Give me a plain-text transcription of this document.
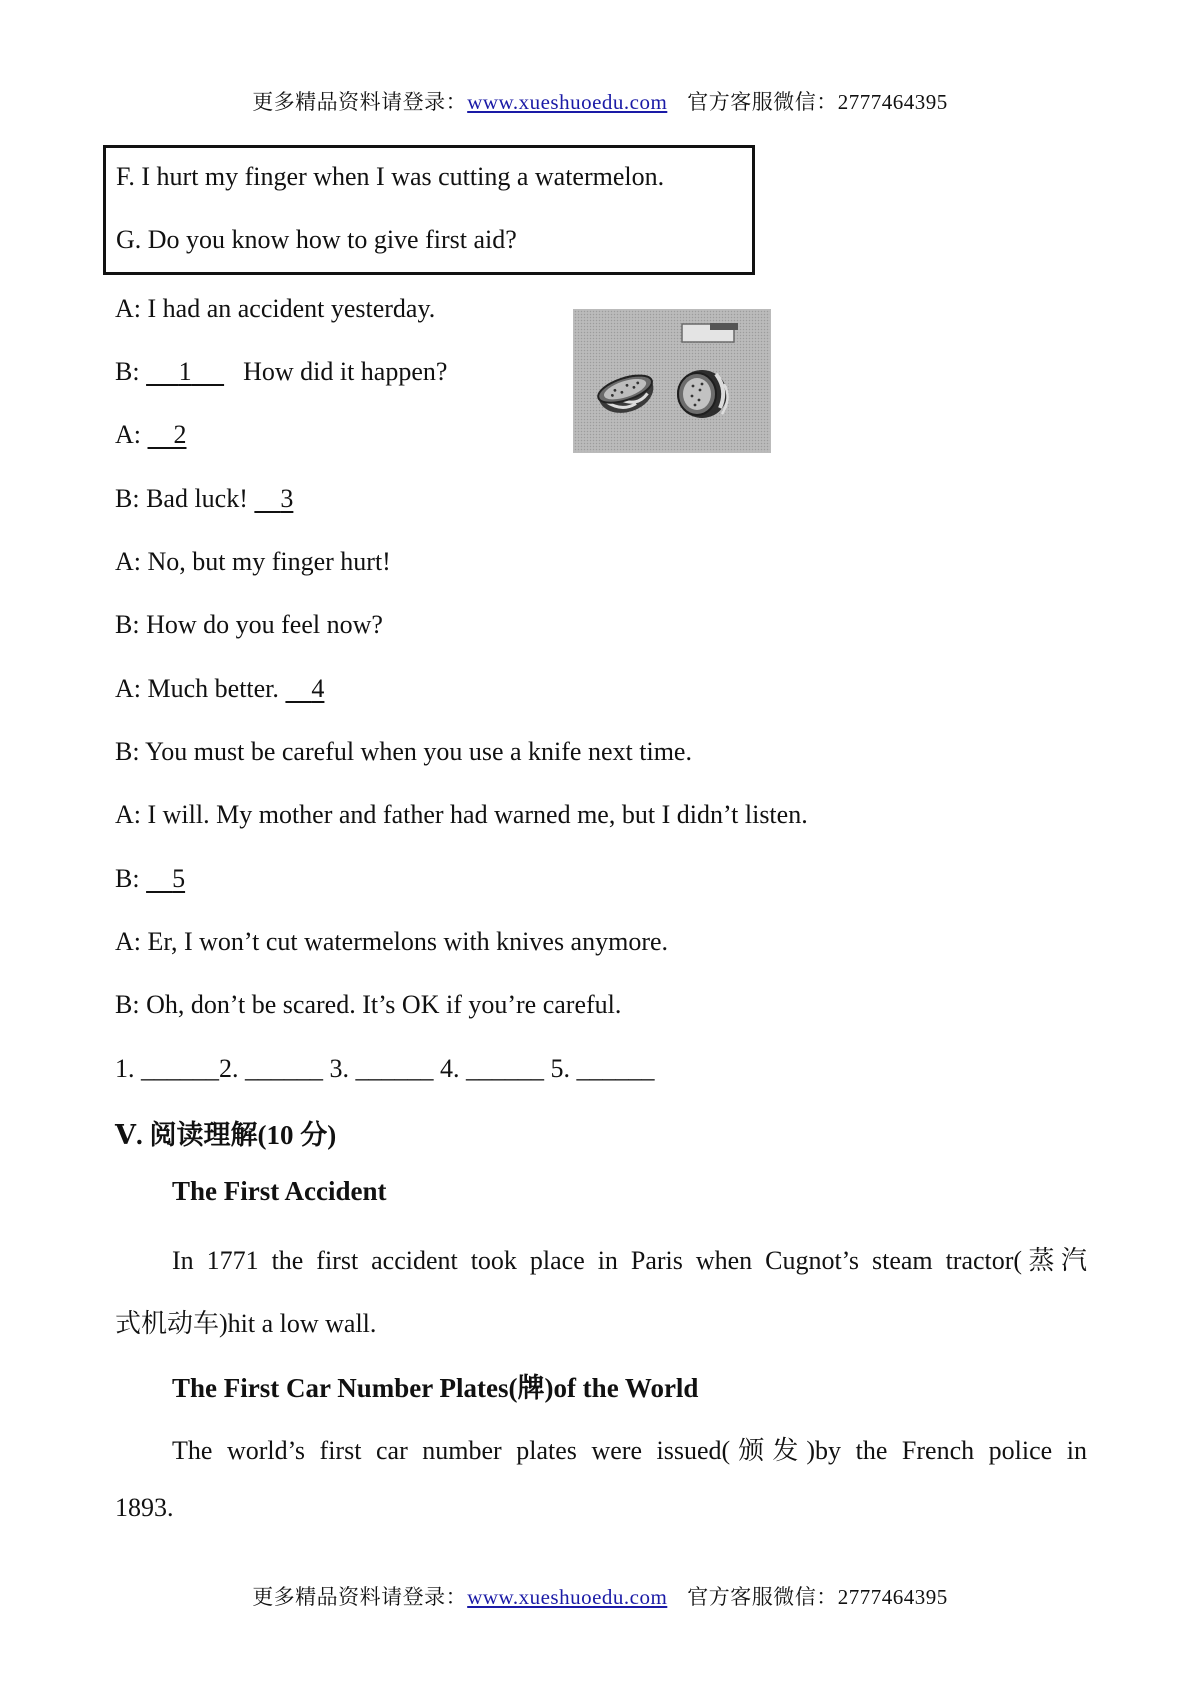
更多精品资料请登录：www.xueshuoedu.com 官方客服微信：2777464395
F. I hurt my finger when I was cutting a watermelon.
G. Do you know how to give first aid?
A: I had an accident yesterday.
B:      1 How did it happen?
A:     2
B: Bad luck!     3
A: No, but my finger hurt!
B: How do you feel now?
A: Much better.     4
B: You must be careful when you use a knife next time.
A: I will. My mother and father had warned me, but I didn’t listen.
B:     5
A: Er, I won’t cut watermelons with knives anymore.
B: Oh, don’t be scared. It’s OK if you’re careful.
1. ______2. ______ 3. ______ 4. ______ 5. ______
Ⅴ. 阅读理解(10 分)
The First Accident
In 1771 the first accident took place in Paris when Cugnot’s steam tractor(蒸汽
式机动车)hit a low wall.
The First Car Number Plates(牌)of the World
The world’s first car number plates were issued(颁发)by the French police in
1893.
更多精品资料请登录：www.xueshuoedu.com 官方客服微信：2777464395
